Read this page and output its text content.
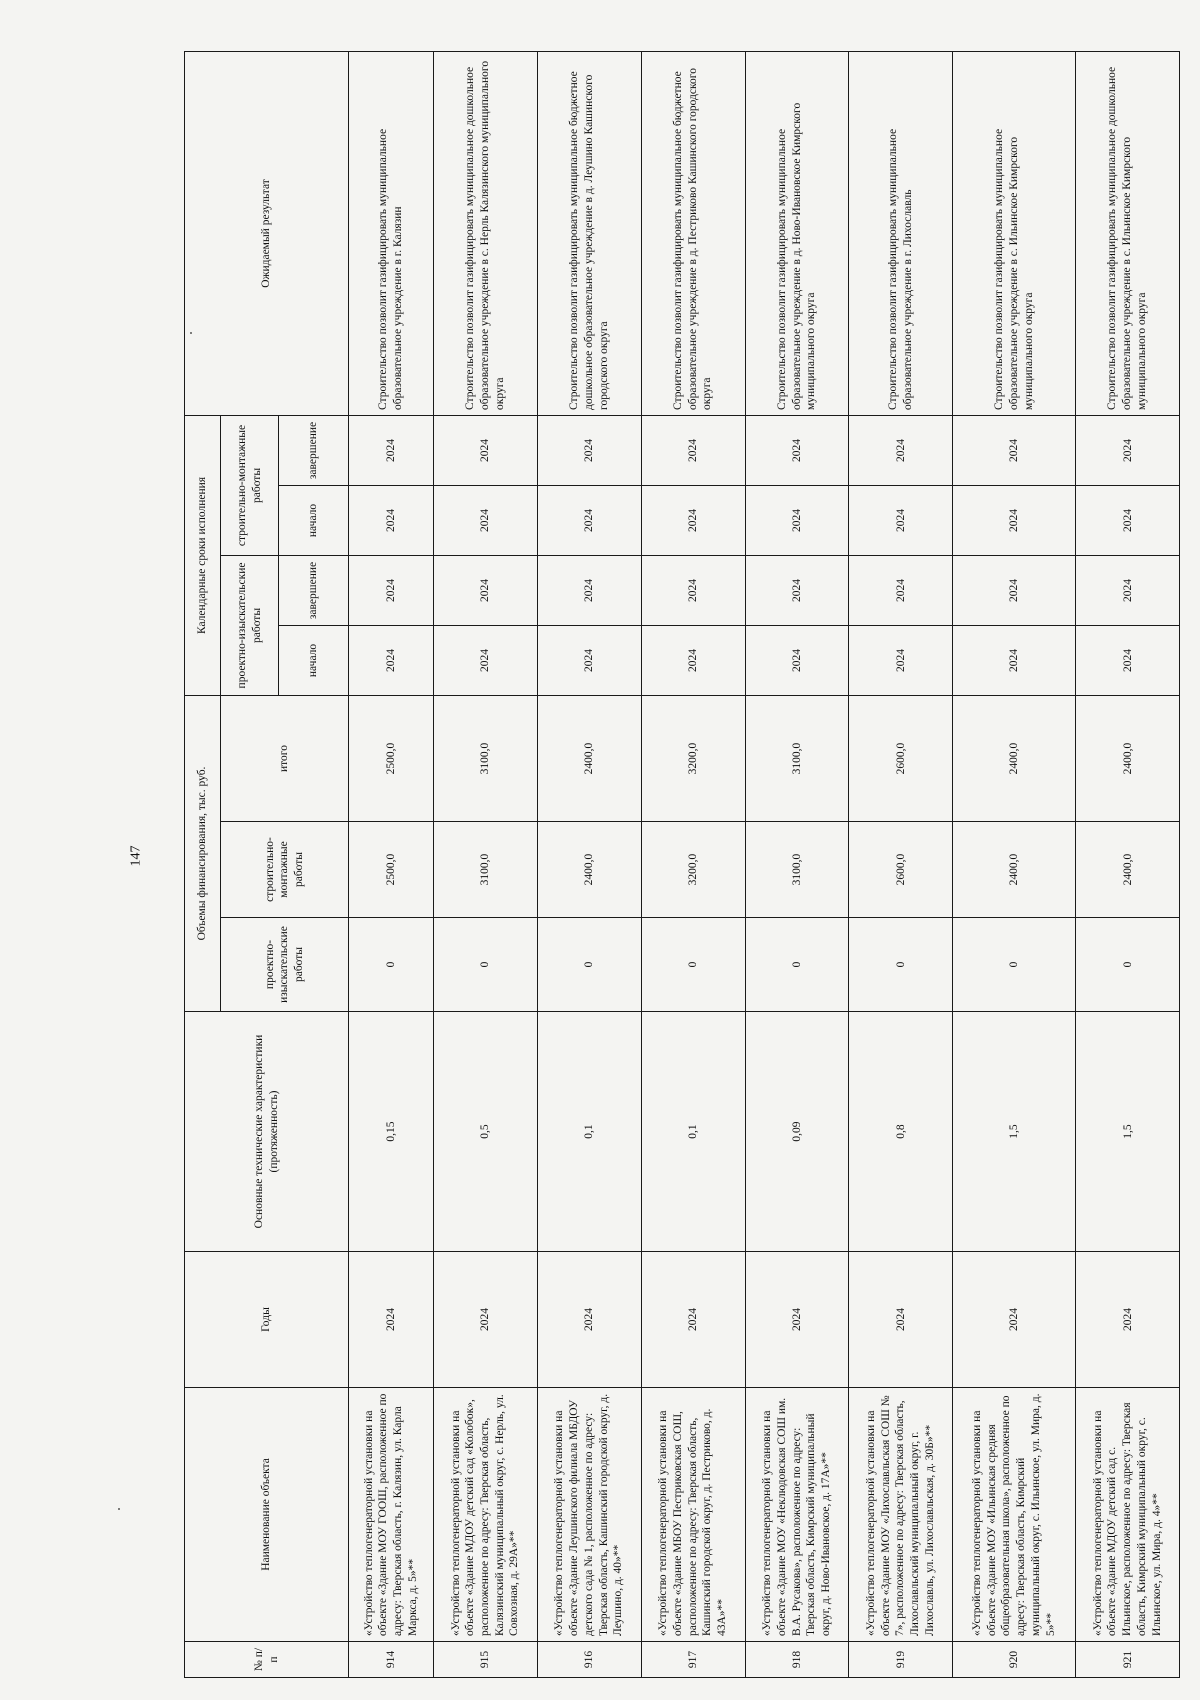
147
№ п/п	Наименование объекта	Годы	Основные технические характеристики (протяженность)	Объемы финансирования, тыс. руб.			Календарные сроки исполнения				Ожидаемый результат
				проектно-изыскательские работы	строительно-монтажные работы	итого	проектно-изыскательские работы		строительно-монтажные работы		
							начало	завершение	начало	завершение	
914	«Устройство теплогенераторной установки на объекте «Здание МОУ ГООШ, расположенное по адресу: Тверская область, г. Калязин, ул. Карла Маркса, д. 5»**	2024	0,15	0	2500,0	2500,0	2024	2024	2024	2024	Строительство позволит газифицировать муниципальное образовательное учреждение в г. Калязин
915	«Устройство теплогенераторной установки на объекте «Здание МДОУ детский сад «Колобок», расположенное по адресу: Тверская область, Калязинский муниципальный округ, с. Нерль, ул. Совхозная, д. 29А»**	2024	0,5	0	3100,0	3100,0	2024	2024	2024	2024	Строительство позволит газифицировать муниципальное дошкольное образовательное учреждение в с. Нерль Калязинского муниципального округа
916	«Устройство теплогенераторной установки на объекте «Здание Леушинского филиала МБДОУ детского сада № 1, расположенное по адресу: Тверская область, Кашинский городской округ, д. Леушино, д. 40»**	2024	0,1	0	2400,0	2400,0	2024	2024	2024	2024	Строительство позволит газифицировать муниципальное бюджетное дошкольное образовательное учреждение в д. Леушино Кашинского городского округа
917	«Устройство теплогенераторной установки на объекте «Здание МБОУ Пестриковская СОШ, расположенное по адресу: Тверская область, Кашинский городской округ, д. Пестриково, д. 43А»**	2024	0,1	0	3200,0	3200,0	2024	2024	2024	2024	Строительство позволит газифицировать муниципальное бюджетное образовательное учреждение в д. Пестриково Кашинского городского округа
918	«Устройство теплогенераторной установки на объекте «Здание МОУ «Неклюдовская СОШ им. В.А. Русакова», расположенное по адресу: Тверская область, Кимрский муниципальный округ, д. Ново-Ивановское, д. 17А»**	2024	0,09	0	3100,0	3100,0	2024	2024	2024	2024	Строительство позволит газифицировать муниципальное образовательное учреждение в д. Ново-Ивановское Кимрского муниципального округа
919	«Устройство теплогенераторной установки на объекте «Здание МОУ «Лихославльская СОШ № 7», расположенное по адресу: Тверская область, Лихославльский муниципальный округ, г. Лихославль, ул. Лихославльская, д. 30Б»**	2024	0,8	0	2600,0	2600,0	2024	2024	2024	2024	Строительство позволит газифицировать муниципальное образовательное учреждение в г. Лихославль
920	«Устройство теплогенераторной установки на объекте «Здание МОУ «Ильинская средняя общеобразовательная школа», расположенное по адресу: Тверская область, Кимрский муниципальный округ, с. Ильинское, ул. Мира, д. 5»**	2024	1,5	0	2400,0	2400,0	2024	2024	2024	2024	Строительство позволит газифицировать муниципальное образовательное учреждение в с. Ильинское Кимрского муниципального округа
921	«Устройство теплогенераторной установки на объекте «Здание МДОУ детский сад с. Ильинское, расположенное по адресу: Тверская область, Кимрский муниципальный округ, с. Ильинское, ул. Мира, д. 4»**	2024	1,5	0	2400,0	2400,0	2024	2024	2024	2024	Строительство позволит газифицировать муниципальное дошкольное образовательное учреждение в с. Ильинское Кимрского муниципального округа
